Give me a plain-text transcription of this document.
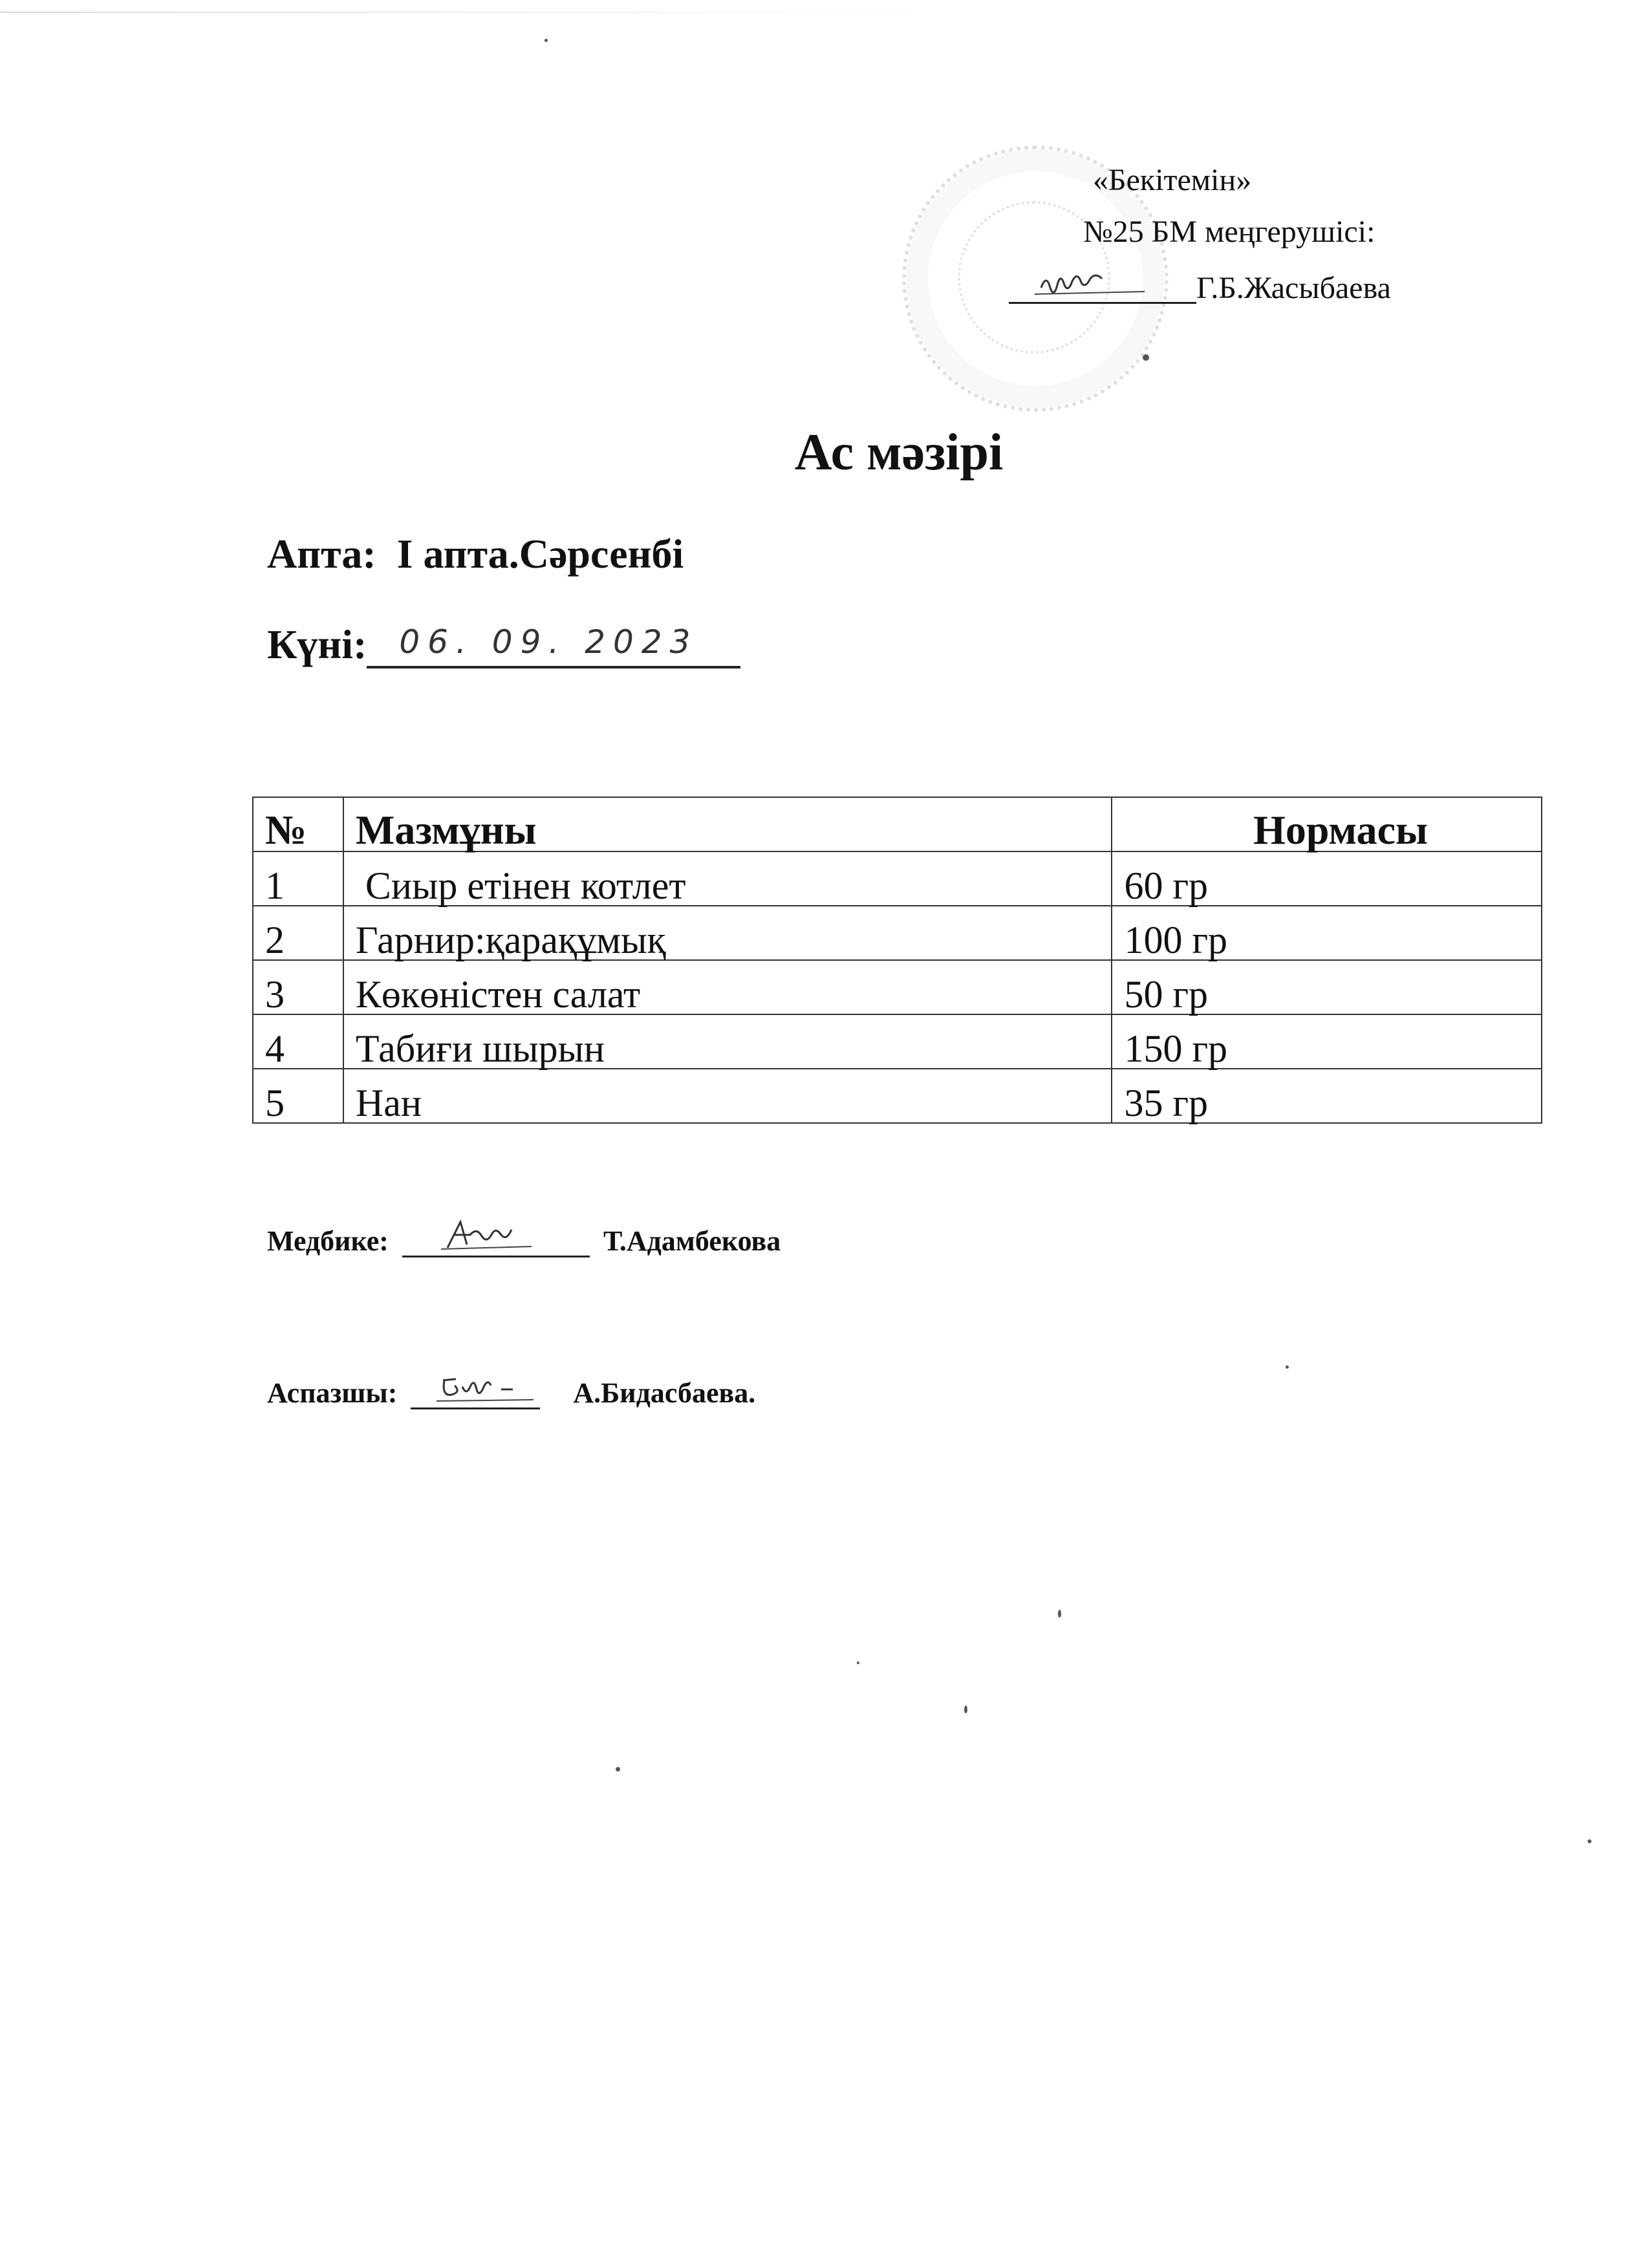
«Бекітемін»
№25 БМ меңгерушісі:
Г.Б.Жасыбаева
Ас мәзірі
Апта: I апта.Сәрсенбі
Күні: 06. 09. 2023
№	Мазмұны	Нормасы
1	Сиыр етінен котлет	60 гр
2	Гарнир:қарақұмық	100 гр
3	Көкөністен салат	50 гр
4	Табиғи шырын	150 гр
5	Нан	35 гр
Медбике:	Т.Адамбекова
Аспазшы:	А.Бидасбаева.
